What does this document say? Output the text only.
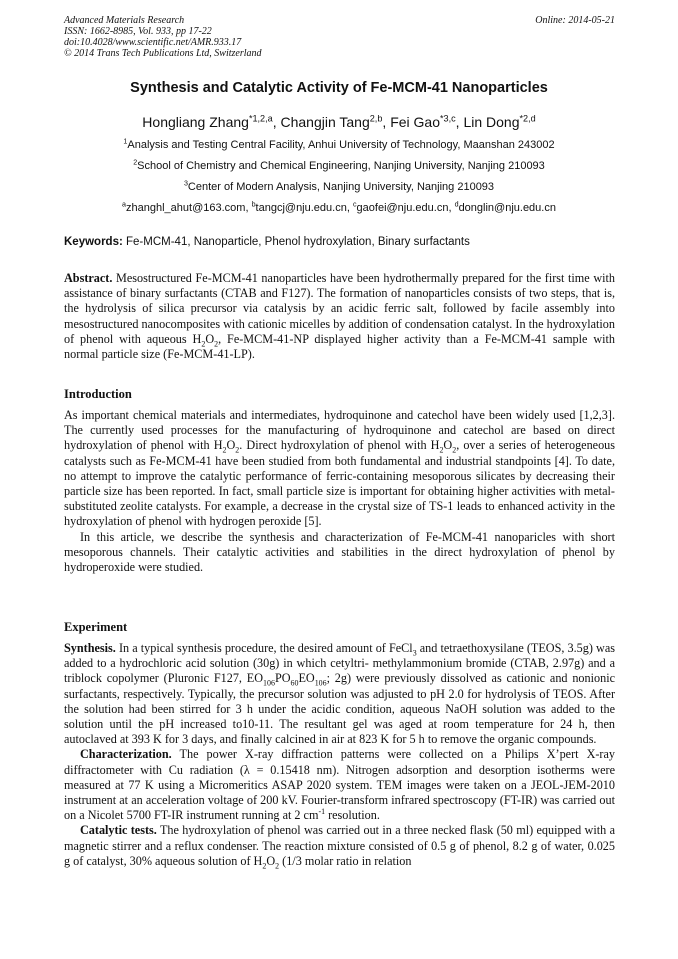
Advanced Materials Research
ISSN: 1662-8985, Vol. 933, pp 17-22
doi:10.4028/www.scientific.net/AMR.933.17
© 2014 Trans Tech Publications Ltd, Switzerland
Online: 2014-05-21
Synthesis and Catalytic Activity of Fe-MCM-41 Nanoparticles
Hongliang Zhang$^{*1,2,a}$, Changjin Tang$^{2,b}$, Fei Gao$^{*3,c}$, Lin Dong$^{*2,d}$
$^1$Analysis and Testing Central Facility, Anhui University of Technology, Maanshan 243002
$^2$School of Chemistry and Chemical Engineering, Nanjing University, Nanjing 210093
$^3$Center of Modern Analysis, Nanjing University, Nanjing 210093
$^a$zhanghl_ahut@163.com, $^b$tangcj@nju.edu.cn, $^c$gaofei@nju.edu.cn, $^d$donglin@nju.edu.cn
Keywords: Fe-MCM-41, Nanoparticle, Phenol hydroxylation, Binary surfactants

Abstract. Mesostructured Fe-MCM-41 nanoparticles have been hydrothermally prepared for the first time with assistance of binary surfactants (CTAB and F127). The formation of nanoparticles consists of two steps, that is, the hydrolysis of silica precursor via catalysis by an acidic ferric salt, followed by facile assembly into mesostructured nanocomposites with cationic micelles by addition of condensation catalyst. In the hydroxylation of phenol with aqueous $H_2O_2$, Fe-MCM-41-NP displayed higher activity than a Fe-MCM-41 sample with normal particle size (Fe-MCM-41-LP).

Introduction

As important chemical materials and intermediates, hydroquinone and catechol have been widely used [1,2,3]. The currently used processes for the manufacturing of hydroquinone and catechol are based on direct hydroxylation of phenol with $H_2O_2$. Direct hydroxylation of phenol with $H_2O_2$, over a series of heterogeneous catalysts such as Fe-MCM-41 have been studied from both fundamental and industrial standpoints [4]. To date, no attempt to improve the catalytic performance of ferric-containing mesoporous silicates by decreasing their particle size has been reported. In fact, small particle size is important for obtaining higher activities with metal-substituted zeolite catalysts. For example, a decrease in the crystal size of TS-1 leads to enhanced activity in the hydroxylation of phenol with hydrogen peroxide [5].

In this article, we describe the synthesis and characterization of Fe-MCM-41 nanoparicles with short mesoporous channels. Their catalytic activities and stabilities in the direct hydroxylation of phenol by hydroperoxide were studied.

Experiment

Synthesis. In a typical synthesis procedure, the desired amount of FeCl$_3$ and tetraethoxysilane (TEOS, 3.5g) was added to a hydrochloric acid solution (30g) in which cetyltri- methylammonium bromide (CTAB, 2.97g) and a triblock copolymer (Pluronic F127, $EO_{106}PO_{60}EO_{106}$; 2g) were previously dissolved as cationic and nonionic surfactants, respectively. Typically, the precursor solution was adjusted to pH 2.0 for hydrolysis of TEOS. After the solution had been stirred for 3 h under the acidic condition, aqueous NaOH solution was added to the solution until the pH increased to10-11. The resultant gel was aged at room temperature for 24 h, then autoclaved at 393 K for 3 days, and finally calcined in air at 823 K for 5 h to remove the organic compounds.

Characterization. The power X-ray diffraction patterns were collected on a Philips X’pert X-ray diffractometer with Cu radiation (λ = 0.15418 nm). Nitrogen adsorption and desorption isotherms were measured at 77 K using a Micromeritics ASAP 2020 system. TEM images were taken on a JEOL-JEM-2010 instrument at an acceleration voltage of 200 kV. Fourier-transform infrared spectroscopy (FT-IR) was carried out on a Nicolet 5700 FT-IR instrument running at 2 $cm^{-1}$ resolution.

Catalytic tests. The hydroxylation of phenol was carried out in a three necked flask (50 ml) equipped with a magnetic stirrer and a reflux condenser. The reaction mixture consisted of 0.5 g of phenol, 8.2 g of water, 0.025 g of catalyst, 30% aqueous solution of $H_2O_2$ (1/3 molar ratio in relation
